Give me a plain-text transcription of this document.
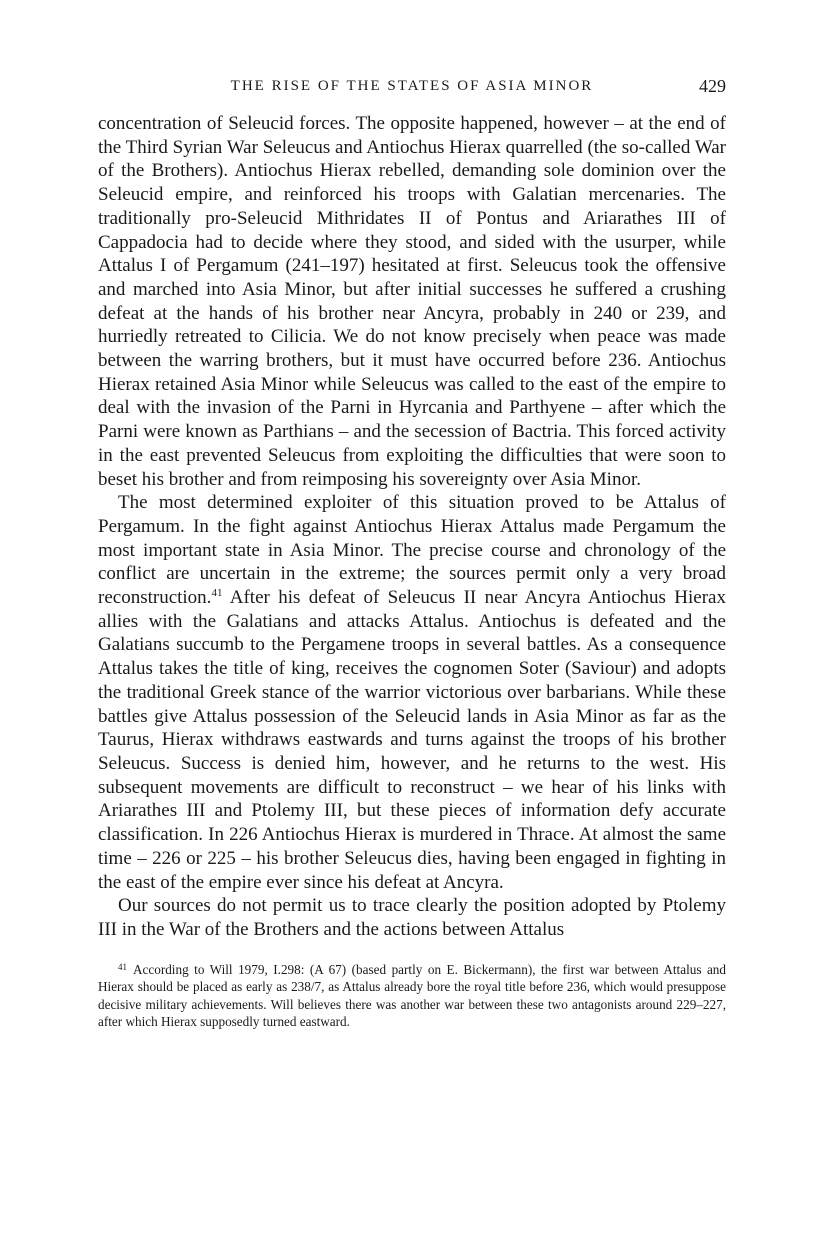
THE RISE OF THE STATES OF ASIA MINOR	429

concentration of Seleucid forces. The opposite happened, however – at the end of the Third Syrian War Seleucus and Antiochus Hierax quarrelled (the so-called War of the Brothers). Antiochus Hierax rebelled, demanding sole dominion over the Seleucid empire, and reinforced his troops with Galatian mercenaries. The traditionally pro-Seleucid Mithridates II of Pontus and Ariarathes III of Cappadocia had to decide where they stood, and sided with the usurper, while Attalus I of Pergamum (241–197) hesitated at first. Seleucus took the offensive and marched into Asia Minor, but after initial successes he suffered a crushing defeat at the hands of his brother near Ancyra, probably in 240 or 239, and hurriedly retreated to Cilicia. We do not know precisely when peace was made between the warring brothers, but it must have occurred before 236. Antiochus Hierax retained Asia Minor while Seleucus was called to the east of the empire to deal with the invasion of the Parni in Hyrcania and Parthyene – after which the Parni were known as Parthians – and the secession of Bactria. This forced activity in the east prevented Seleucus from exploiting the difficulties that were soon to beset his brother and from reimposing his sovereignty over Asia Minor.

The most determined exploiter of this situation proved to be Attalus of Pergamum. In the fight against Antiochus Hierax Attalus made Pergamum the most important state in Asia Minor. The precise course and chronology of the conflict are uncertain in the extreme; the sources permit only a very broad reconstruction.$^{41}$ After his defeat of Seleucus II near Ancyra Antiochus Hierax allies with the Galatians and attacks Attalus. Antiochus is defeated and the Galatians succumb to the Pergamene troops in several battles. As a consequence Attalus takes the title of king, receives the cognomen Soter (Saviour) and adopts the traditional Greek stance of the warrior victorious over barbarians. While these battles give Attalus possession of the Seleucid lands in Asia Minor as far as the Taurus, Hierax withdraws eastwards and turns against the troops of his brother Seleucus. Success is denied him, however, and he returns to the west. His subsequent movements are difficult to reconstruct – we hear of his links with Ariarathes III and Ptolemy III, but these pieces of information defy accurate classification. In 226 Antiochus Hierax is murdered in Thrace. At almost the same time – 226 or 225 – his brother Seleucus dies, having been engaged in fighting in the east of the empire ever since his defeat at Ancyra.

Our sources do not permit us to trace clearly the position adopted by Ptolemy III in the War of the Brothers and the actions between Attalus

$^{41}$ According to Will 1979, I.298: (A 67) (based partly on E. Bickermann), the first war between Attalus and Hierax should be placed as early as 238/7, as Attalus already bore the royal title before 236, which would presuppose decisive military achievements. Will believes there was another war between these two antagonists around 229–227, after which Hierax supposedly turned eastward.
